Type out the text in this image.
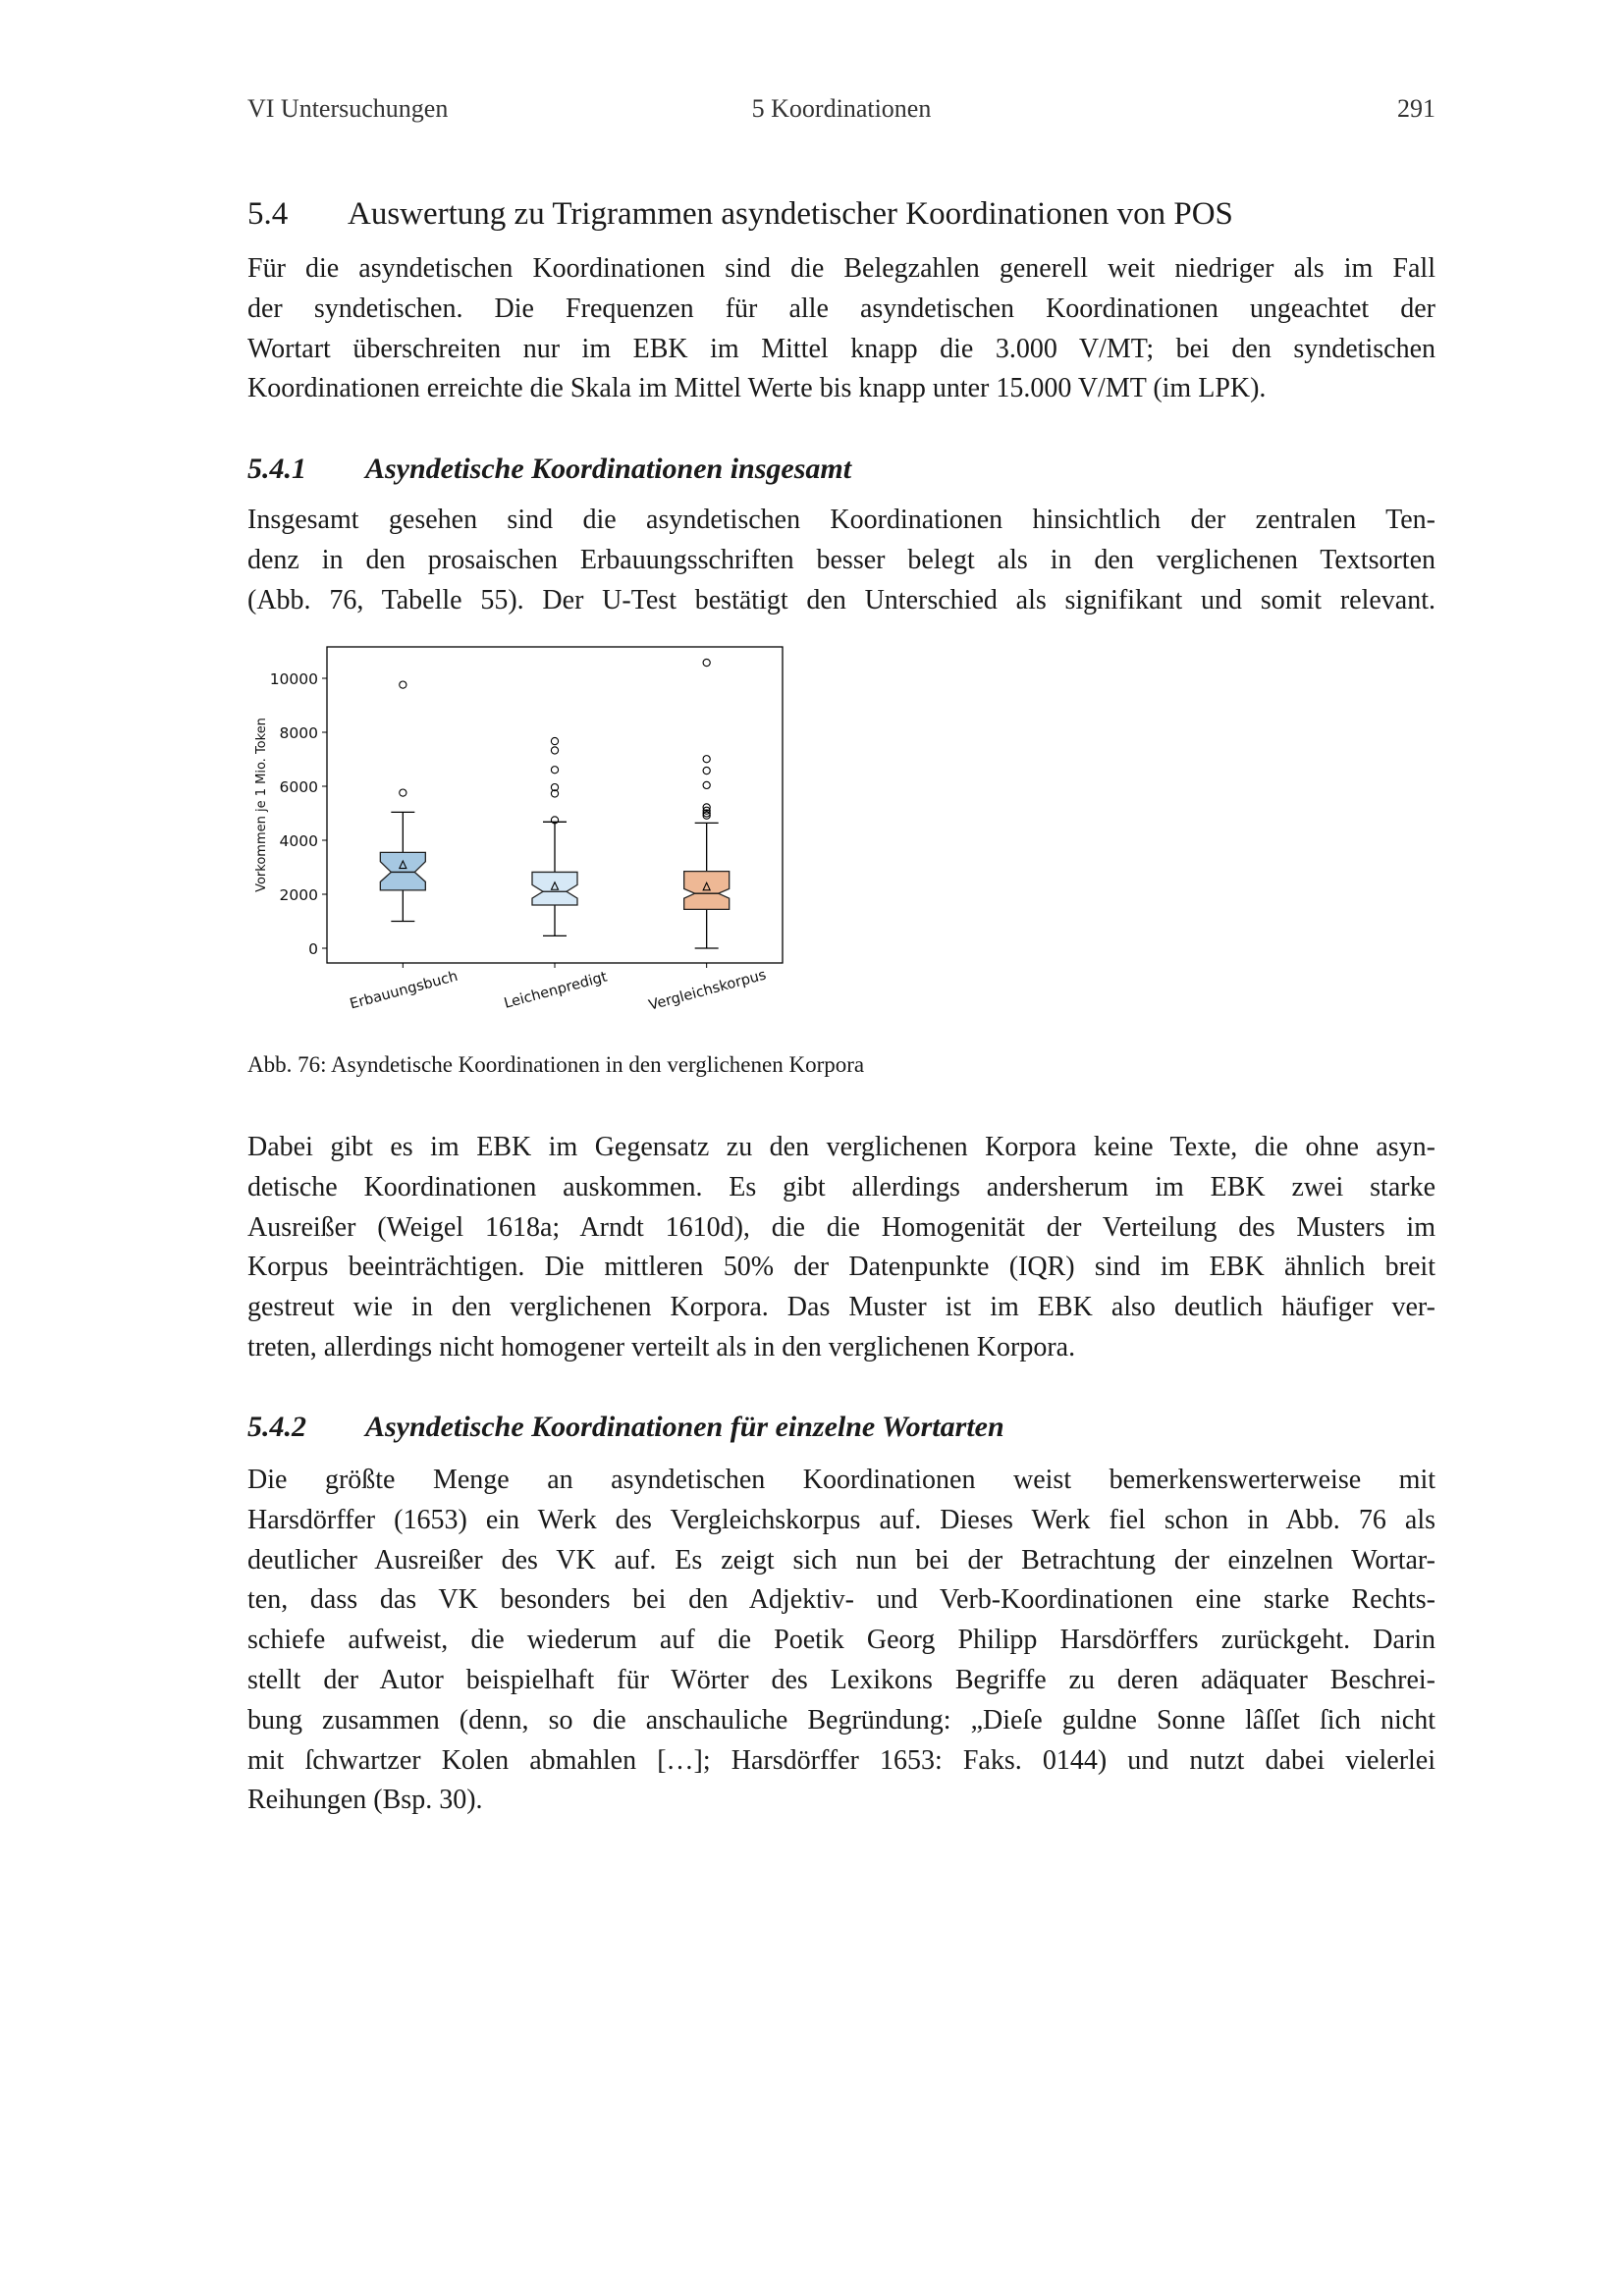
VI Untersuchungen	5 Koordinationen	291
5.4 Auswertung zu Trigrammen asyndetischer Koordinationen von POS
Für die asyndetischen Koordinationen sind die Belegzahlen generell weit niedriger als im Fall
der syndetischen. Die Frequenzen für alle asyndetischen Koordinationen ungeachtet der
Wortart überschreiten nur im EBK im Mittel knapp die 3.000 V/MT; bei den syndetischen
Koordinationen erreichte die Skala im Mittel Werte bis knapp unter 15.000 V/MT (im LPK).
5.4.1 Asyndetische Koordinationen insgesamt
Insgesamt gesehen sind die asyndetischen Koordinationen hinsichtlich der zentralen Ten-
denz in den prosaischen Erbauungsschriften besser belegt als in den verglichenen Textsorten
(Abb. 76, Tabelle 55). Der U-Test bestätigt den Unterschied als signifikant und somit relevant.
0
2000
4000
6000
8000
10000
Vorkommen je 1 Mio. Token
Erbauungsbuch	Leichenpredigt	Vergleichskorpus
Abb. 76: Asyndetische Koordinationen in den verglichenen Korpora
Dabei gibt es im EBK im Gegensatz zu den verglichenen Korpora keine Texte, die ohne asyn-
detische Koordinationen auskommen. Es gibt allerdings andersherum im EBK zwei starke
Ausreißer (Weigel 1618a; Arndt 1610d), die die Homogenität der Verteilung des Musters im
Korpus beeinträchtigen. Die mittleren 50% der Datenpunkte (IQR) sind im EBK ähnlich breit
gestreut wie in den verglichenen Korpora. Das Muster ist im EBK also deutlich häufiger ver-
treten, allerdings nicht homogener verteilt als in den verglichenen Korpora.
5.4.2 Asyndetische Koordinationen für einzelne Wortarten
Die größte Menge an asyndetischen Koordinationen weist bemerkenswerterweise mit
Harsdörffer (1653) ein Werk des Vergleichskorpus auf. Dieses Werk fiel schon in Abb. 76 als
deutlicher Ausreißer des VK auf. Es zeigt sich nun bei der Betrachtung der einzelnen Wortar-
ten, dass das VK besonders bei den Adjektiv- und Verb-Koordinationen eine starke Rechts-
schiefe aufweist, die wiederum auf die Poetik Georg Philipp Harsdörffers zurückgeht. Darin
stellt der Autor beispielhaft für Wörter des Lexikons Begriffe zu deren adäquater Beschrei-
bung zusammen (denn, so die anschauliche Begründung: „Dieſe guldne Sonne lâſſet ſich nicht
mit ſchwartzer Kolen abmahlen […]; Harsdörffer 1653: Faks. 0144) und nutzt dabei vielerlei
Reihungen (Bsp. 30).
